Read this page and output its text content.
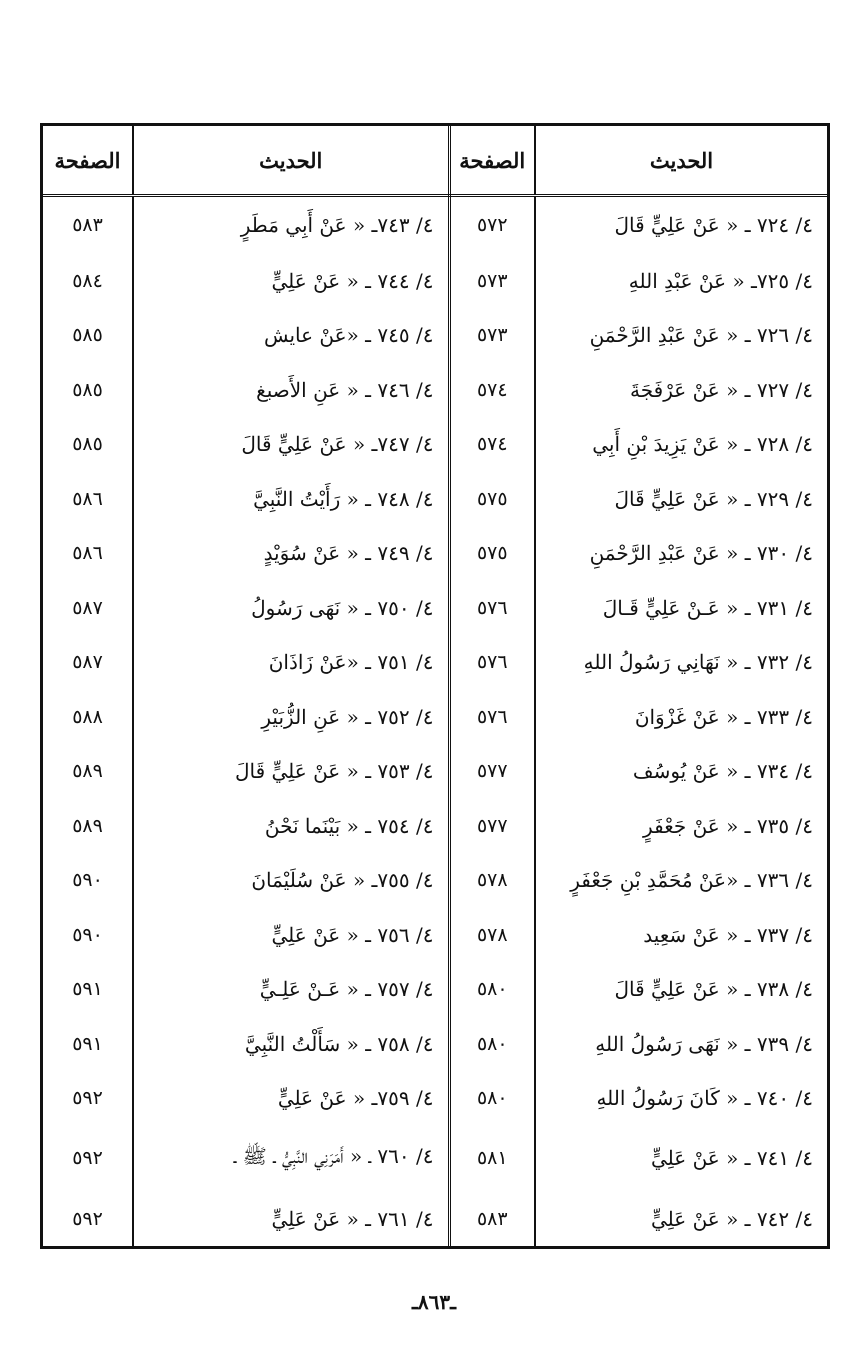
الحديث	الصفحة	الحديث	الصفحة
٤/ ٧٢٤ ـ « عَنْ عَلِيٍّ قَالَ	٥٧٢	٤/ ٧٤٣ـ « عَنْ أَبِي مَطَرٍ	٥٨٣
٤/ ٧٢٥ـ « عَنْ عَبْدِ اللهِ	٥٧٣	٤/ ٧٤٤ ـ « عَنْ عَلِيٍّ	٥٨٤
٤/ ٧٢٦ ـ « عَنْ عَبْدِ الرَّحْمَنِ	٥٧٣	٤/ ٧٤٥ ـ «عَنْ عايش	٥٨٥
٤/ ٧٢٧ ـ « عَنْ عَرْفَجَةَ	٥٧٤	٤/ ٧٤٦ ـ « عَنِ الأَصبغ	٥٨٥
٤/ ٧٢٨ ـ « عَنْ يَزِيدَ بْنِ أَبِي	٥٧٤	٤/ ٧٤٧ـ « عَنْ عَلِيٍّ قَالَ	٥٨٥
٤/ ٧٢٩ ـ « عَنْ عَلِيٍّ قَالَ	٥٧٥	٤/ ٧٤٨ ـ « رَأَيْتُ النَّبِيَّ	٥٨٦
٤/ ٧٣٠ ـ « عَنْ عَبْدِ الرَّحْمَنِ	٥٧٥	٤/ ٧٤٩ ـ « عَنْ سُوَيْدٍ	٥٨٦
٤/ ٧٣١ ـ « عَـنْ عَلِيٍّ قَـالَ	٥٧٦	٤/ ٧٥٠ ـ « نَهَى رَسُولُ	٥٨٧
٤/ ٧٣٢ ـ « نَهَانِي رَسُولُ اللهِ	٥٧٦	٤/ ٧٥١ ـ «عَنْ زَاذَانَ	٥٨٧
٤/ ٧٣٣ ـ « عَنْ غَزْوَانَ	٥٧٦	٤/ ٧٥٢ ـ « عَنِ الزُّبَيْرِ	٥٨٨
٤/ ٧٣٤ ـ « عَنْ يُوسُف	٥٧٧	٤/ ٧٥٣ ـ « عَنْ عَلِيٍّ قَالَ	٥٨٩
٤/ ٧٣٥ ـ « عَنْ جَعْفَرٍ	٥٧٧	٤/ ٧٥٤ ـ « بَيْنَما نَحْنُ	٥٨٩
٤/ ٧٣٦ ـ «عَنْ مُحَمَّدِ بْنِ جَعْفَرٍ	٥٧٨	٤/ ٧٥٥ـ « عَنْ سُلَيْمَانَ	٥٩٠
٤/ ٧٣٧ ـ « عَنْ سَعِيد	٥٧٨	٤/ ٧٥٦ ـ « عَنْ عَلِيٍّ	٥٩٠
٤/ ٧٣٨ ـ « عَنْ عَلِيٍّ قَالَ	٥٨٠	٤/ ٧٥٧ ـ « عَـنْ عَلِـيٍّ	٥٩١
٤/ ٧٣٩ ـ « نَهَى رَسُولُ اللهِ	٥٨٠	٤/ ٧٥٨ ـ « سَأَلْتُ النَّبِيَّ	٥٩١
٤/ ٧٤٠ ـ « كَانَ رَسُولُ اللهِ	٥٨٠	٤/ ٧٥٩ـ « عَنْ عَلِيٍّ	٥٩٢
٤/ ٧٤١ ـ « عَنْ عَلِيٍّ	٥٨١	٤/ ٧٦٠ ـ « أَمَرَنِي النَّبِيُّ ـ ﷺ ـ	٥٩٢
٤/ ٧٤٢ ـ « عَنْ عَلِيٍّ	٥٨٣	٤/ ٧٦١ ـ « عَنْ عَلِيٍّ	٥٩٢
ـ٨٦٣ـ
